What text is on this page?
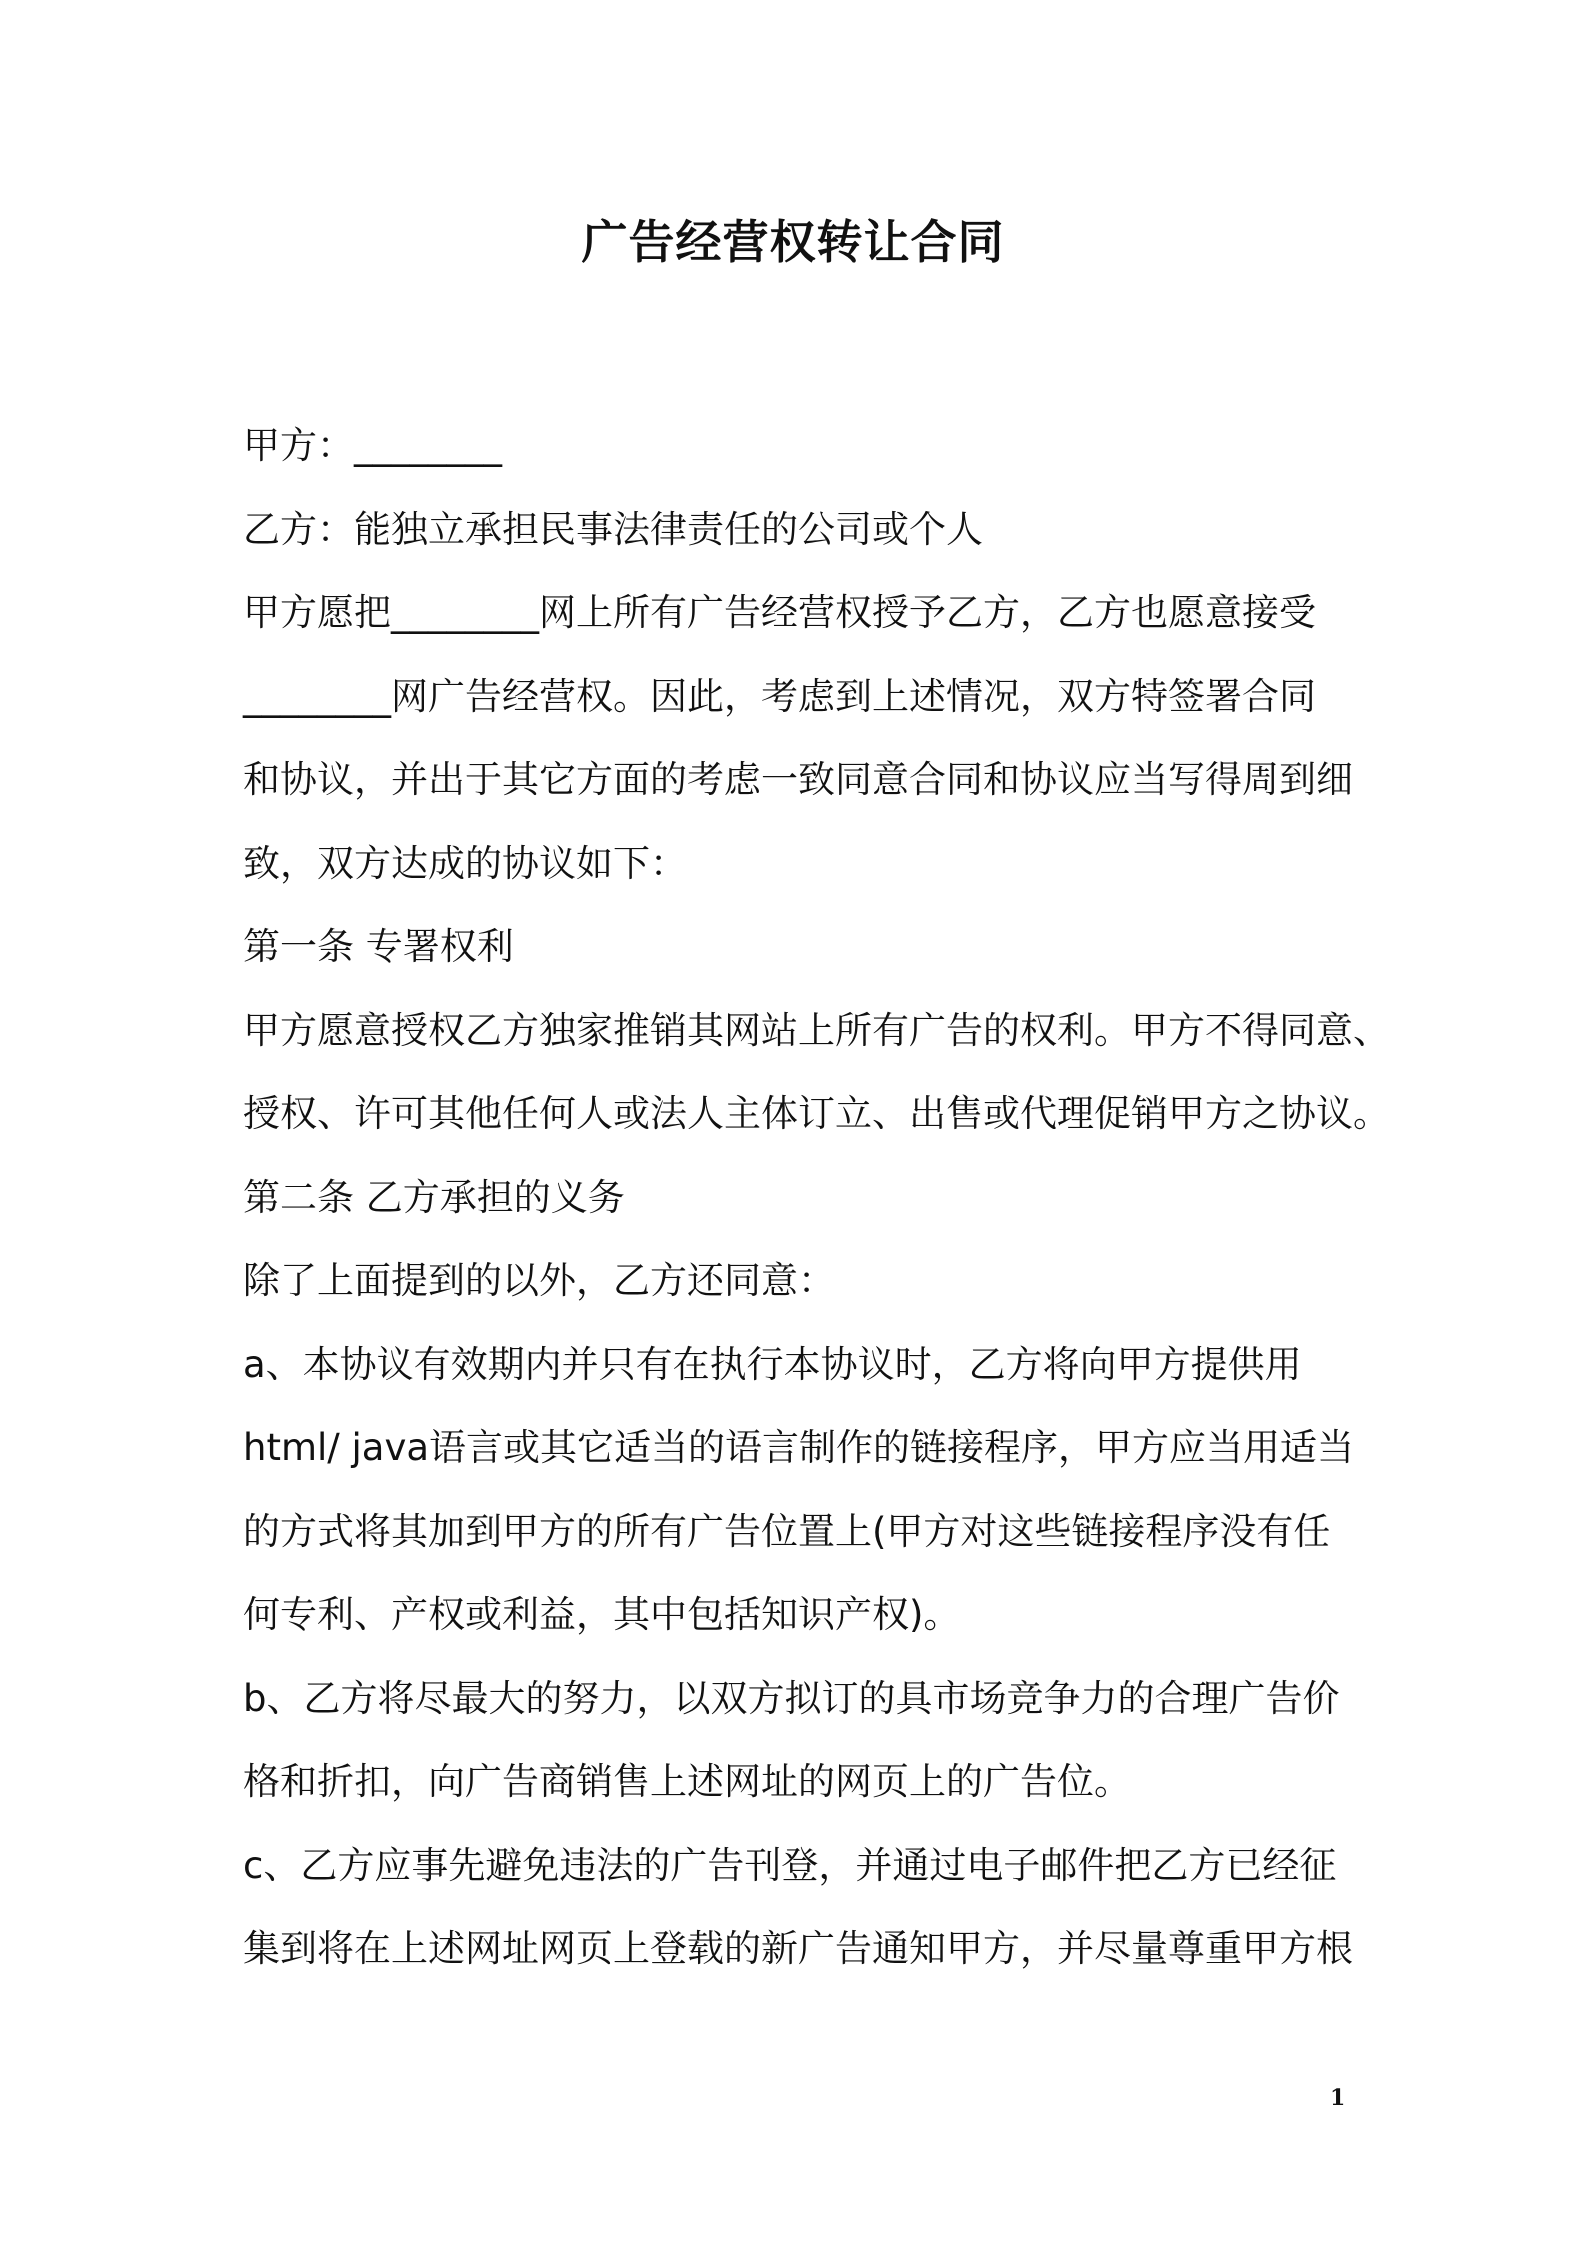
广告经营权转让合同
甲方：________
乙方：能独立承担民事法律责任的公司或个人
甲方愿把________网上所有广告经营权授予乙方，乙方也愿意接受
________网广告经营权。因此，考虑到上述情况，双方特签署合同
和协议，并出于其它方面的考虑一致同意合同和协议应当写得周到细
致，双方达成的协议如下：
第一条 专署权利
甲方愿意授权乙方独家推销其网站上所有广告的权利。甲方不得同意、
授权、许可其他任何人或法人主体订立、出售或代理促销甲方之协议。
第二条 乙方承担的义务
除了上面提到的以外，乙方还同意：
a、本协议有效期内并只有在执行本协议时，乙方将向甲方提供用
html/ java语言或其它适当的语言制作的链接程序，甲方应当用适当
的方式将其加到甲方的所有广告位置上(甲方对这些链接程序没有任
何专利、产权或利益，其中包括知识产权)。
b、乙方将尽最大的努力，以双方拟订的具市场竞争力的合理广告价
格和折扣，向广告商销售上述网址的网页上的广告位。
c、乙方应事先避免违法的广告刊登，并通过电子邮件把乙方已经征
集到将在上述网址网页上登载的新广告通知甲方，并尽量尊重甲方根
1
